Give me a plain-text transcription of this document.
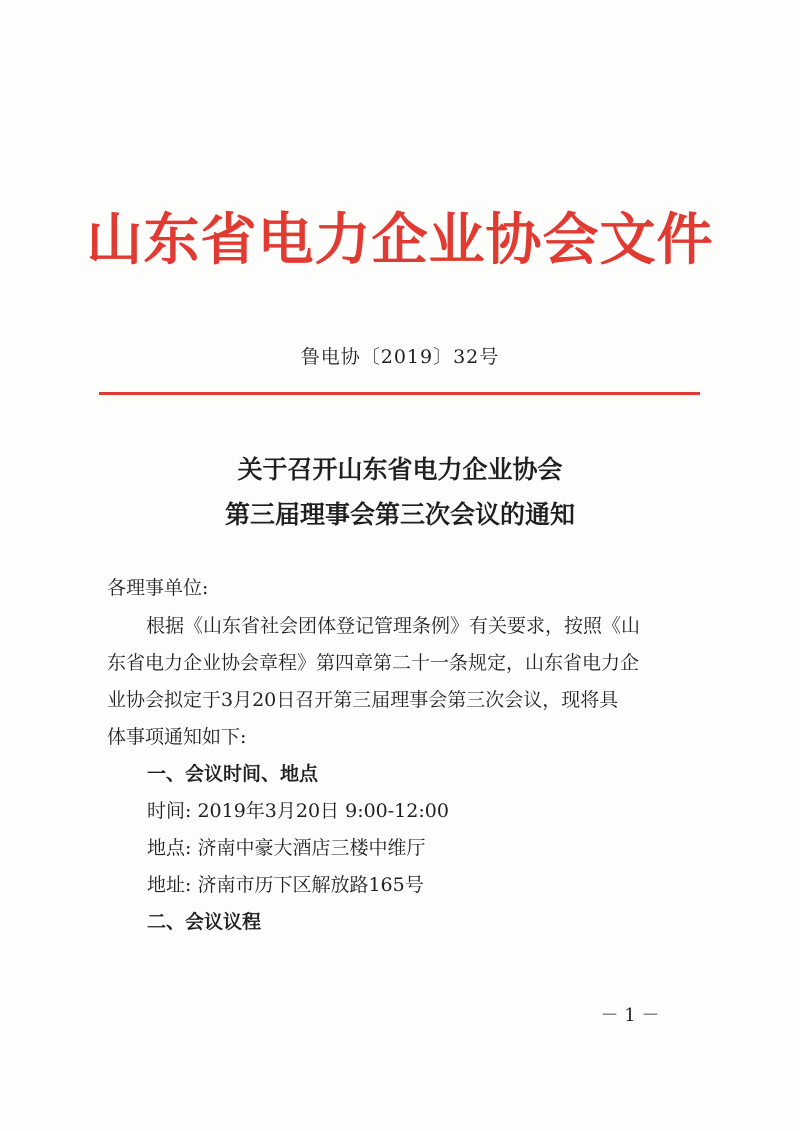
山东省电力企业协会文件
鲁电协〔2019〕32号
关于召开山东省电力企业协会
第三届理事会第三次会议的通知
各理事单位:
根据《山东省社会团体登记管理条例》有关要求，按照《山
东省电力企业协会章程》第四章第二十一条规定，山东省电力企
业协会拟定于3月20日召开第三届理事会第三次会议，现将具
体事项通知如下:
一、会议时间、地点
时间: 2019年3月20日 9:00-12:00
地点: 济南中豪大酒店三楼中维厅
地址: 济南市历下区解放路165号
二、会议议程
－ 1 －
